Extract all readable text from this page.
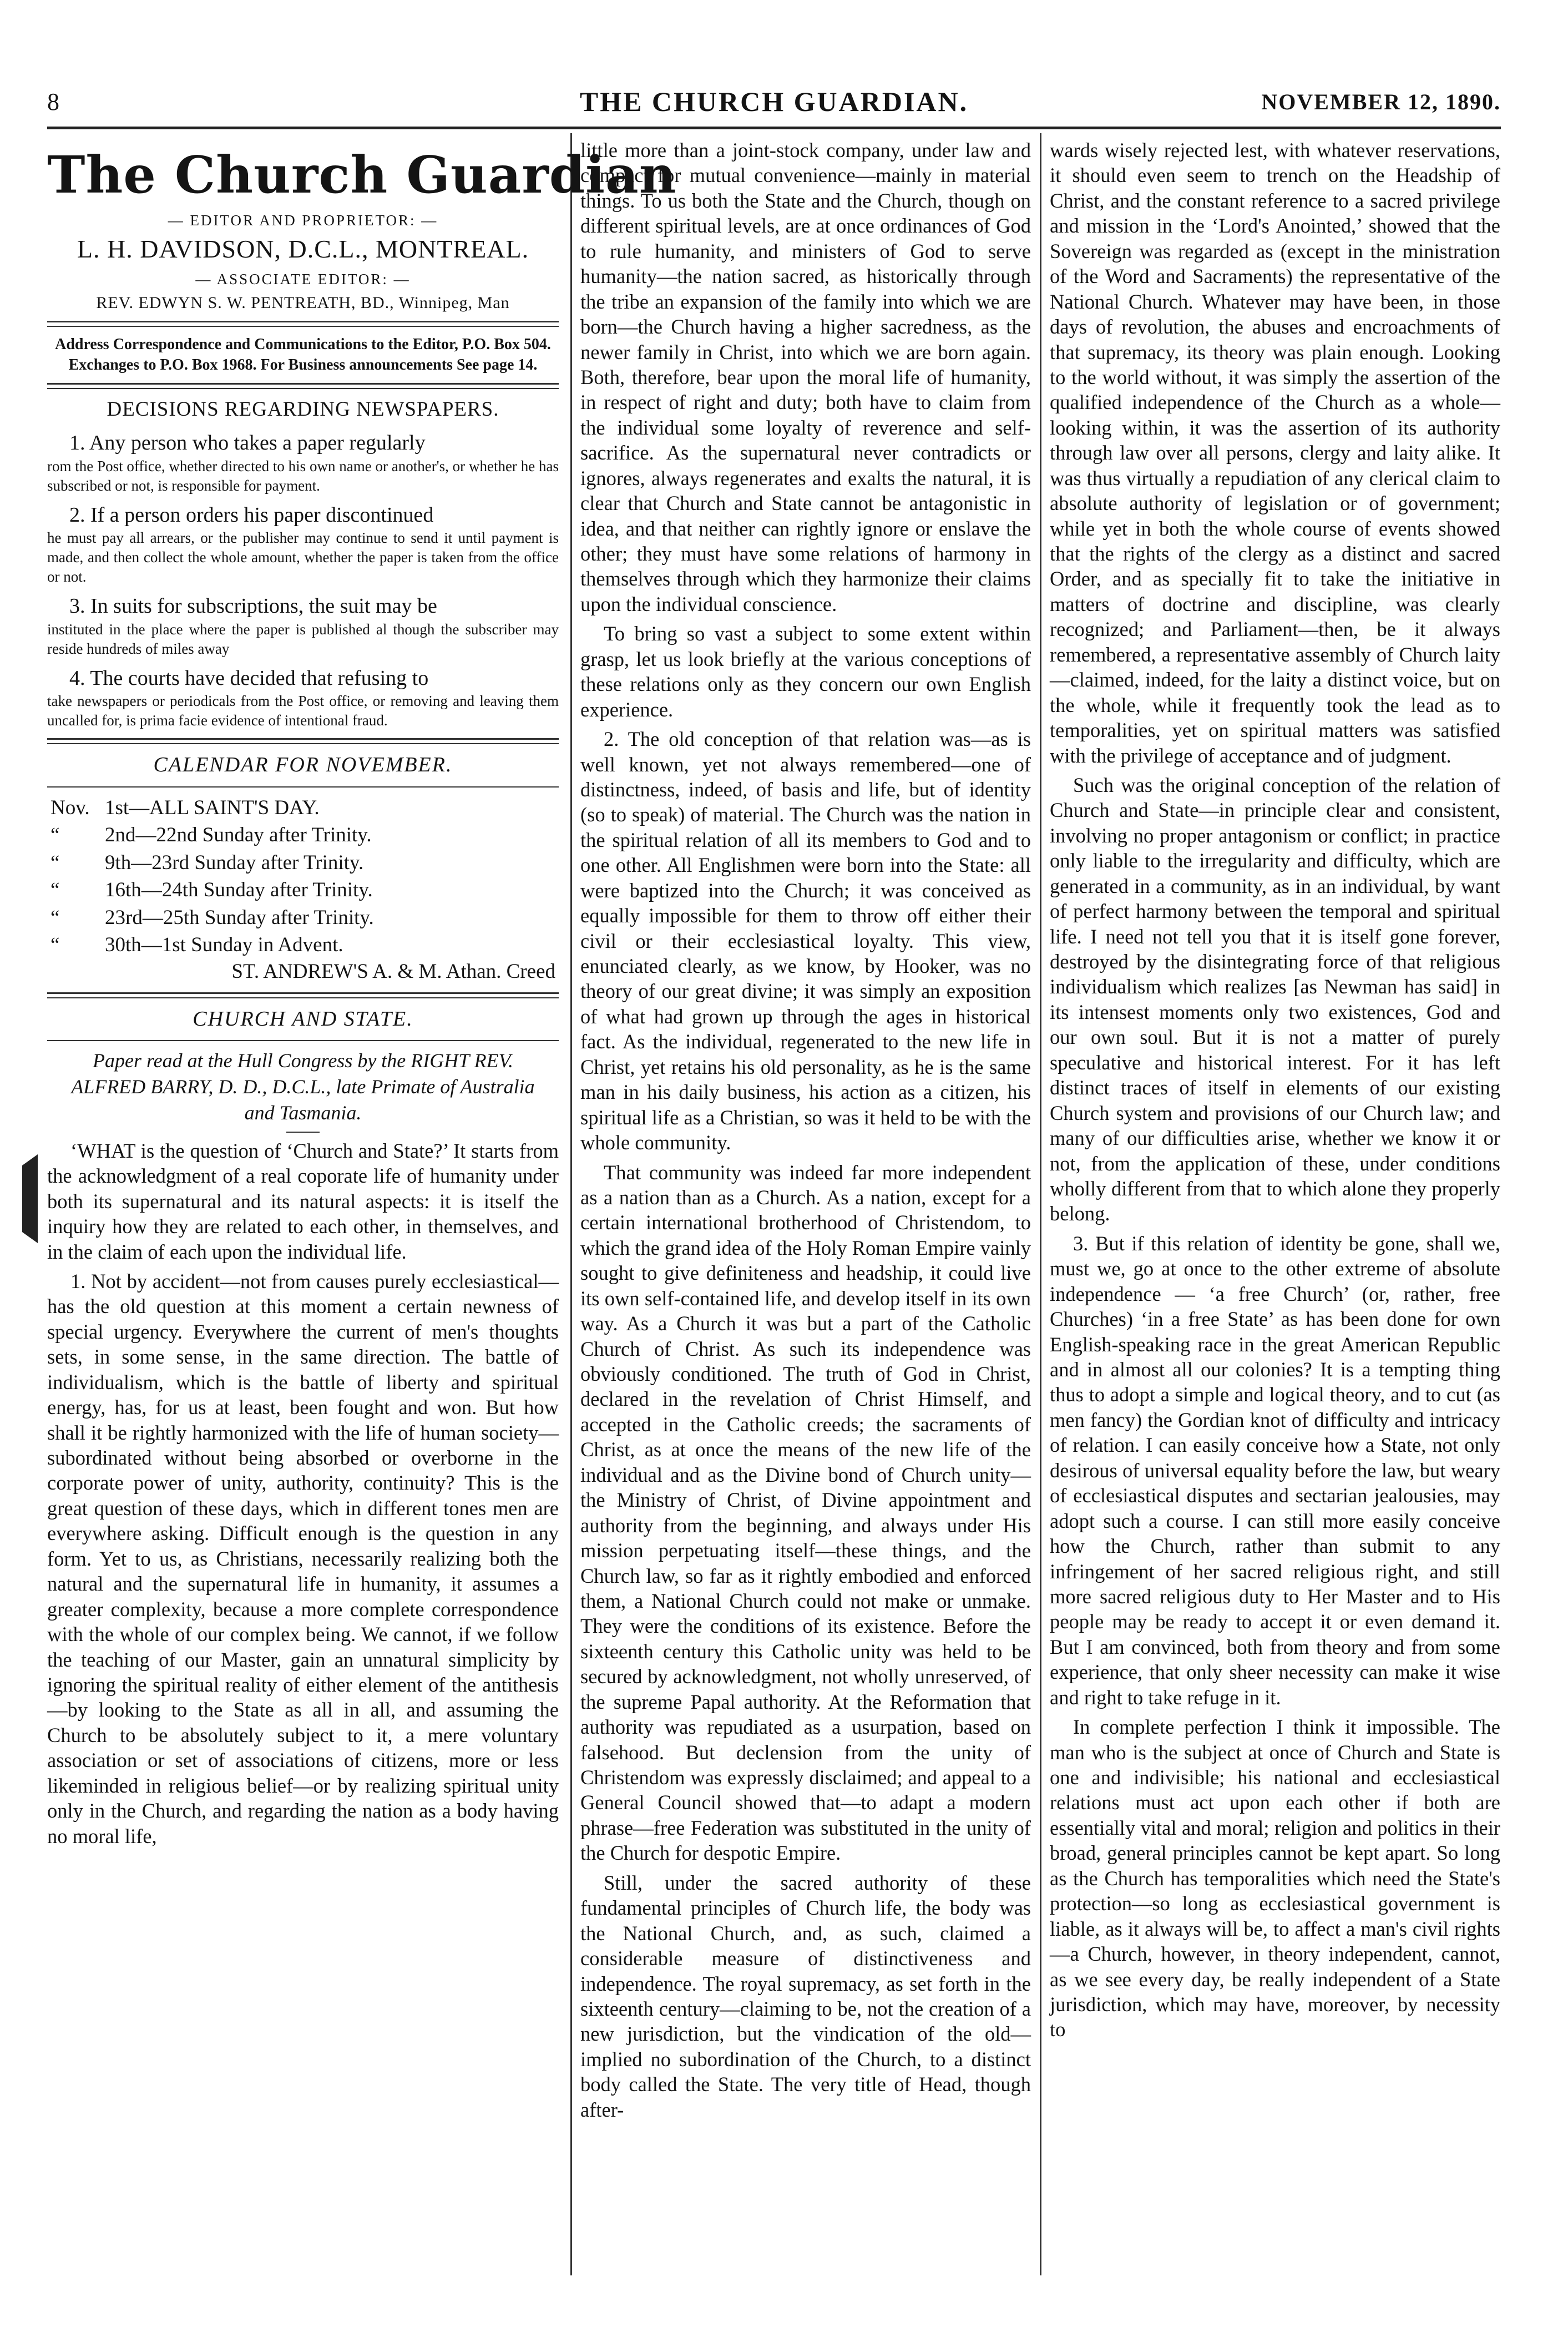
8	THE CHURCH GUARDIAN.	NOVEMBER 12, 1890.
The Church Guardian
— EDITOR AND PROPRIETOR: —
L. H. DAVIDSON, D.C.L., MONTREAL.
— ASSOCIATE EDITOR: —
REV. EDWYN S. W. PENTREATH, BD., Winnipeg, Man
Address Correspondence and Communications to the Editor, P.O. Box 504. Exchanges to P.O. Box 1968. For Business announcements See page 14.
DECISIONS REGARDING NEWSPAPERS.
1. Any person who takes a paper regularly
rom the Post office, whether directed to his own name or another's, or whether he has subscribed or not, is responsible for payment.
2. If a person orders his paper discontinued
he must pay all arrears, or the publisher may continue to send it until payment is made, and then collect the whole amount, whether the paper is taken from the office or not.
3. In suits for subscriptions, the suit may be
instituted in the place where the paper is published al though the subscriber may reside hundreds of miles away
4. The courts have decided that refusing to
take newspapers or periodicals from the Post office, or removing and leaving them uncalled for, is prima facie evidence of intentional fraud.
CALENDAR FOR NOVEMBER.
Nov. 1st—ALL SAINT'S DAY.
“ 2nd—22nd Sunday after Trinity.
“ 9th—23rd Sunday after Trinity.
“ 16th—24th Sunday after Trinity.
“ 23rd—25th Sunday after Trinity.
“ 30th—1st Sunday in Advent.
ST. ANDREW'S A. & M. Athan. Creed
CHURCH AND STATE.
Paper read at the Hull Congress by the RIGHT REV. ALFRED BARRY, D. D., D.C.L., late Primate of Australia and Tasmania.

‘WHAT is the question of ‘Church and State?’ It starts from the acknowledgment of a real coporate life of humanity under both its supernatural and its natural aspects: it is itself the inquiry how they are related to each other, in themselves, and in the claim of each upon the individual life.

1. Not by accident—not from causes purely ecclesiastical—has the old question at this moment a certain newness of special urgency. Everywhere the current of men's thoughts sets, in some sense, in the same direction. The battle of individualism, which is the battle of liberty and spiritual energy, has, for us at least, been fought and won. But how shall it be rightly harmonized with the life of human society—subordinated without being absorbed or overborne in the corporate power of unity, authority, continuity? This is the great question of these days, which in different tones men are everywhere asking. Difficult enough is the question in any form. Yet to us, as Christians, necessarily realizing both the natural and the supernatural life in humanity, it assumes a greater complexity, because a more complete correspondence with the whole of our complex being. We cannot, if we follow the teaching of our Master, gain an unnatural simplicity by ignoring the spiritual reality of either element of the antithesis—by looking to the State as all in all, and assuming the Church to be absolutely subject to it, a mere voluntary association or set of associations of citizens, more or less likeminded in religious belief—or by realizing spiritual unity only in the Church, and regarding the nation as a body having no moral life,

little more than a joint-stock company, under law and compact for mutual convenience—mainly in material things. To us both the State and the Church, though on different spiritual levels, are at once ordinances of God to rule humanity, and ministers of God to serve humanity—the nation sacred, as historically through the tribe an expansion of the family into which we are born—the Church having a higher sacredness, as the newer family in Christ, into which we are born again. Both, therefore, bear upon the moral life of humanity, in respect of right and duty; both have to claim from the individual some loyalty of reverence and self-sacrifice. As the supernatural never contradicts or ignores, always regenerates and exalts the natural, it is clear that Church and State cannot be antagonistic in idea, and that neither can rightly ignore or enslave the other; they must have some relations of harmony in themselves through which they harmonize their claims upon the individual conscience.

To bring so vast a subject to some extent within grasp, let us look briefly at the various conceptions of these relations only as they concern our own English experience.

2. The old conception of that relation was—as is well known, yet not always remembered—one of distinctness, indeed, of basis and life, but of identity (so to speak) of material. The Church was the nation in the spiritual relation of all its members to God and to one other. All Englishmen were born into the State: all were baptized into the Church; it was conceived as equally impossible for them to throw off either their civil or their ecclesiastical loyalty. This view, enunciated clearly, as we know, by Hooker, was no theory of our great divine; it was simply an exposition of what had grown up through the ages in historical fact. As the individual, regenerated to the new life in Christ, yet retains his old personality, as he is the same man in his daily business, his action as a citizen, his spiritual life as a Christian, so was it held to be with the whole community.

That community was indeed far more independent as a nation than as a Church. As a nation, except for a certain international brotherhood of Christendom, to which the grand idea of the Holy Roman Empire vainly sought to give definiteness and headship, it could live its own self-contained life, and develop itself in its own way. As a Church it was but a part of the Catholic Church of Christ. As such its independence was obviously conditioned. The truth of God in Christ, declared in the revelation of Christ Himself, and accepted in the Catholic creeds; the sacraments of Christ, as at once the means of the new life of the individual and as the Divine bond of Church unity—the Ministry of Christ, of Divine appointment and authority from the beginning, and always under His mission perpetuating itself—these things, and the Church law, so far as it rightly embodied and enforced them, a National Church could not make or unmake. They were the conditions of its existence. Before the sixteenth century this Catholic unity was held to be secured by acknowledgment, not wholly unreserved, of the supreme Papal authority. At the Reformation that authority was repudiated as a usurpation, based on falsehood. But declension from the unity of Christendom was expressly disclaimed; and appeal to a General Council showed that—to adapt a modern phrase—free Federation was substituted in the unity of the Church for despotic Empire.

Still, under the sacred authority of these fundamental principles of Church life, the body was the National Church, and, as such, claimed a considerable measure of distinctiveness and independence. The royal supremacy, as set forth in the sixteenth century—claiming to be, not the creation of a new jurisdiction, but the vindication of the old—implied no subordination of the Church, to a distinct body called the State. The very title of Head, though after-

wards wisely rejected lest, with whatever reservations, it should even seem to trench on the Headship of Christ, and the constant reference to a sacred privilege and mission in the ‘Lord's Anointed,’ showed that the Sovereign was regarded as (except in the ministration of the Word and Sacraments) the representative of the National Church. Whatever may have been, in those days of revolution, the abuses and encroachments of that supremacy, its theory was plain enough. Looking to the world without, it was simply the assertion of the qualified independence of the Church as a whole—looking within, it was the assertion of its authority through law over all persons, clergy and laity alike. It was thus virtually a repudiation of any clerical claim to absolute authority of legislation or of government; while yet in both the whole course of events showed that the rights of the clergy as a distinct and sacred Order, and as specially fit to take the initiative in matters of doctrine and discipline, was clearly recognized; and Parliament—then, be it always remembered, a representative assembly of Church laity—claimed, indeed, for the laity a distinct voice, but on the whole, while it frequently took the lead as to temporalities, yet on spiritual matters was satisfied with the privilege of acceptance and of judgment.

Such was the original conception of the relation of Church and State—in principle clear and consistent, involving no proper antagonism or conflict; in practice only liable to the irregularity and difficulty, which are generated in a community, as in an individual, by want of perfect harmony between the temporal and spiritual life. I need not tell you that it is itself gone forever, destroyed by the disintegrating force of that religious individualism which realizes [as Newman has said] in its intensest moments only two existences, God and our own soul. But it is not a matter of purely speculative and historical interest. For it has left distinct traces of itself in elements of our existing Church system and provisions of our Church law; and many of our difficulties arise, whether we know it or not, from the application of these, under conditions wholly different from that to which alone they properly belong.

3. But if this relation of identity be gone, shall we, must we, go at once to the other extreme of absolute independence — ‘a free Church’ (or, rather, free Churches) ‘in a free State’ as has been done for own English-speaking race in the great American Republic and in almost all our colonies? It is a tempting thing thus to adopt a simple and logical theory, and to cut (as men fancy) the Gordian knot of difficulty and intricacy of relation. I can easily conceive how a State, not only desirous of universal equality before the law, but weary of ecclesiastical disputes and sectarian jealousies, may adopt such a course. I can still more easily conceive how the Church, rather than submit to any infringement of her sacred religious right, and still more sacred religious duty to Her Master and to His people may be ready to accept it or even demand it. But I am convinced, both from theory and from some experience, that only sheer necessity can make it wise and right to take refuge in it.

In complete perfection I think it impossible. The man who is the subject at once of Church and State is one and indivisible; his national and ecclesiastical relations must act upon each other if both are essentially vital and moral; religion and politics in their broad, general principles cannot be kept apart. So long as the Church has temporalities which need the State's protection—so long as ecclesiastical government is liable, as it always will be, to affect a man's civil rights—a Church, however, in theory independent, cannot, as we see every day, be really independent of a State jurisdiction, which may have, moreover, by necessity to
